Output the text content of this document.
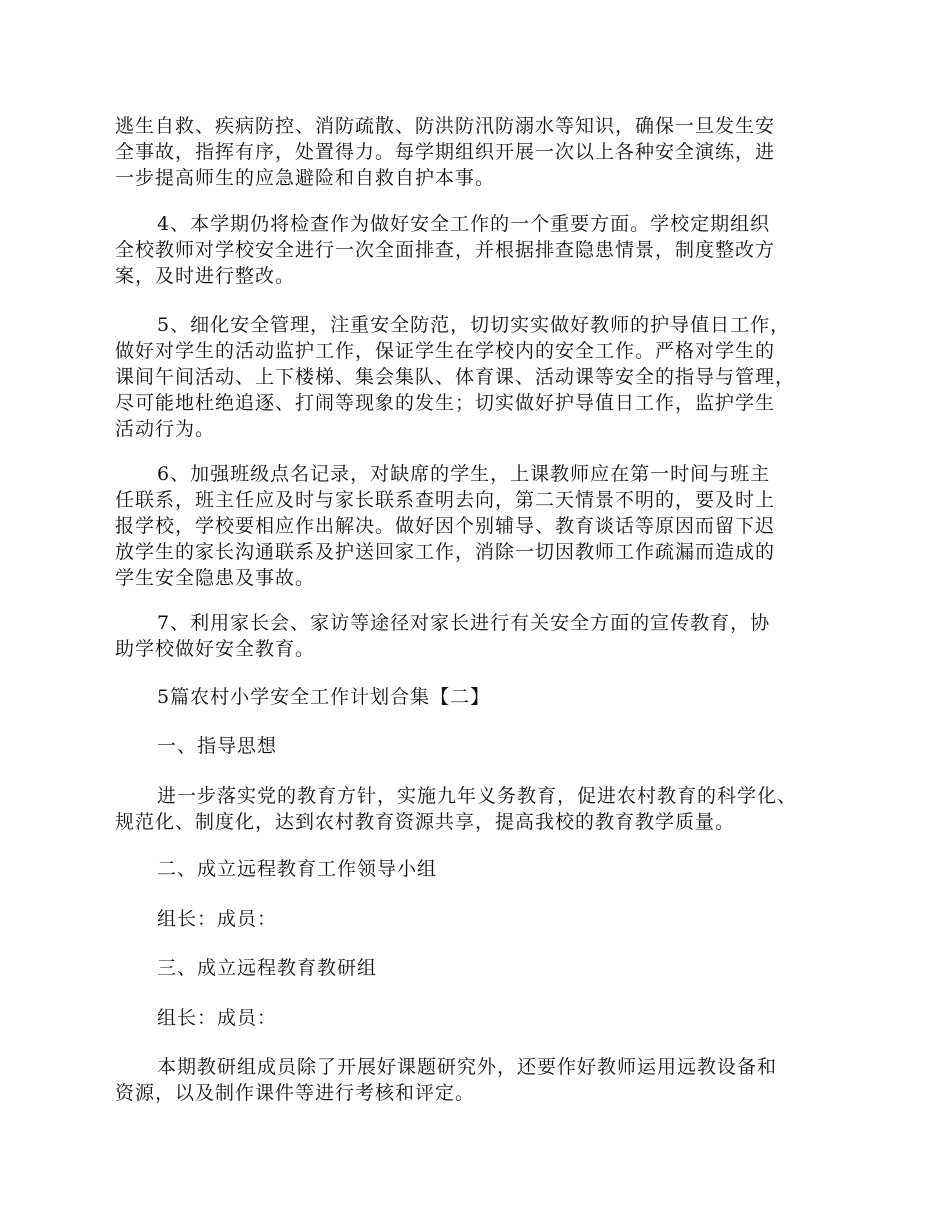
逃生自救、疾病防控、消防疏散、防洪防汛防溺水等知识，确保一旦发生安
全事故，指挥有序，处置得力。每学期组织开展一次以上各种安全演练，进
一步提高师生的应急避险和自救自护本事。

4、本学期仍将检查作为做好安全工作的一个重要方面。学校定期组织
全校教师对学校安全进行一次全面排查，并根据排查隐患情景，制度整改方
案，及时进行整改。

5、细化安全管理，注重安全防范，切切实实做好教师的护导值日工作，
做好对学生的活动监护工作，保证学生在学校内的安全工作。严格对学生的
课间午间活动、上下楼梯、集会集队、体育课、活动课等安全的指导与管理，
尽可能地杜绝追逐、打闹等现象的发生；切实做好护导值日工作，监护学生
活动行为。

6、加强班级点名记录，对缺席的学生，上课教师应在第一时间与班主
任联系，班主任应及时与家长联系查明去向，第二天情景不明的，要及时上
报学校，学校要相应作出解决。做好因个别辅导、教育谈话等原因而留下迟
放学生的家长沟通联系及护送回家工作，消除一切因教师工作疏漏而造成的
学生安全隐患及事故。

7、利用家长会、家访等途径对家长进行有关安全方面的宣传教育，协
助学校做好安全教育。

5篇农村小学安全工作计划合集【二】

一、指导思想

进一步落实党的教育方针，实施九年义务教育，促进农村教育的科学化、
规范化、制度化，达到农村教育资源共享，提高我校的教育教学质量。

二、成立远程教育工作领导小组

组长：成员：

三、成立远程教育教研组

组长：成员：

本期教研组成员除了开展好课题研究外，还要作好教师运用远教设备和
资源，以及制作课件等进行考核和评定。
